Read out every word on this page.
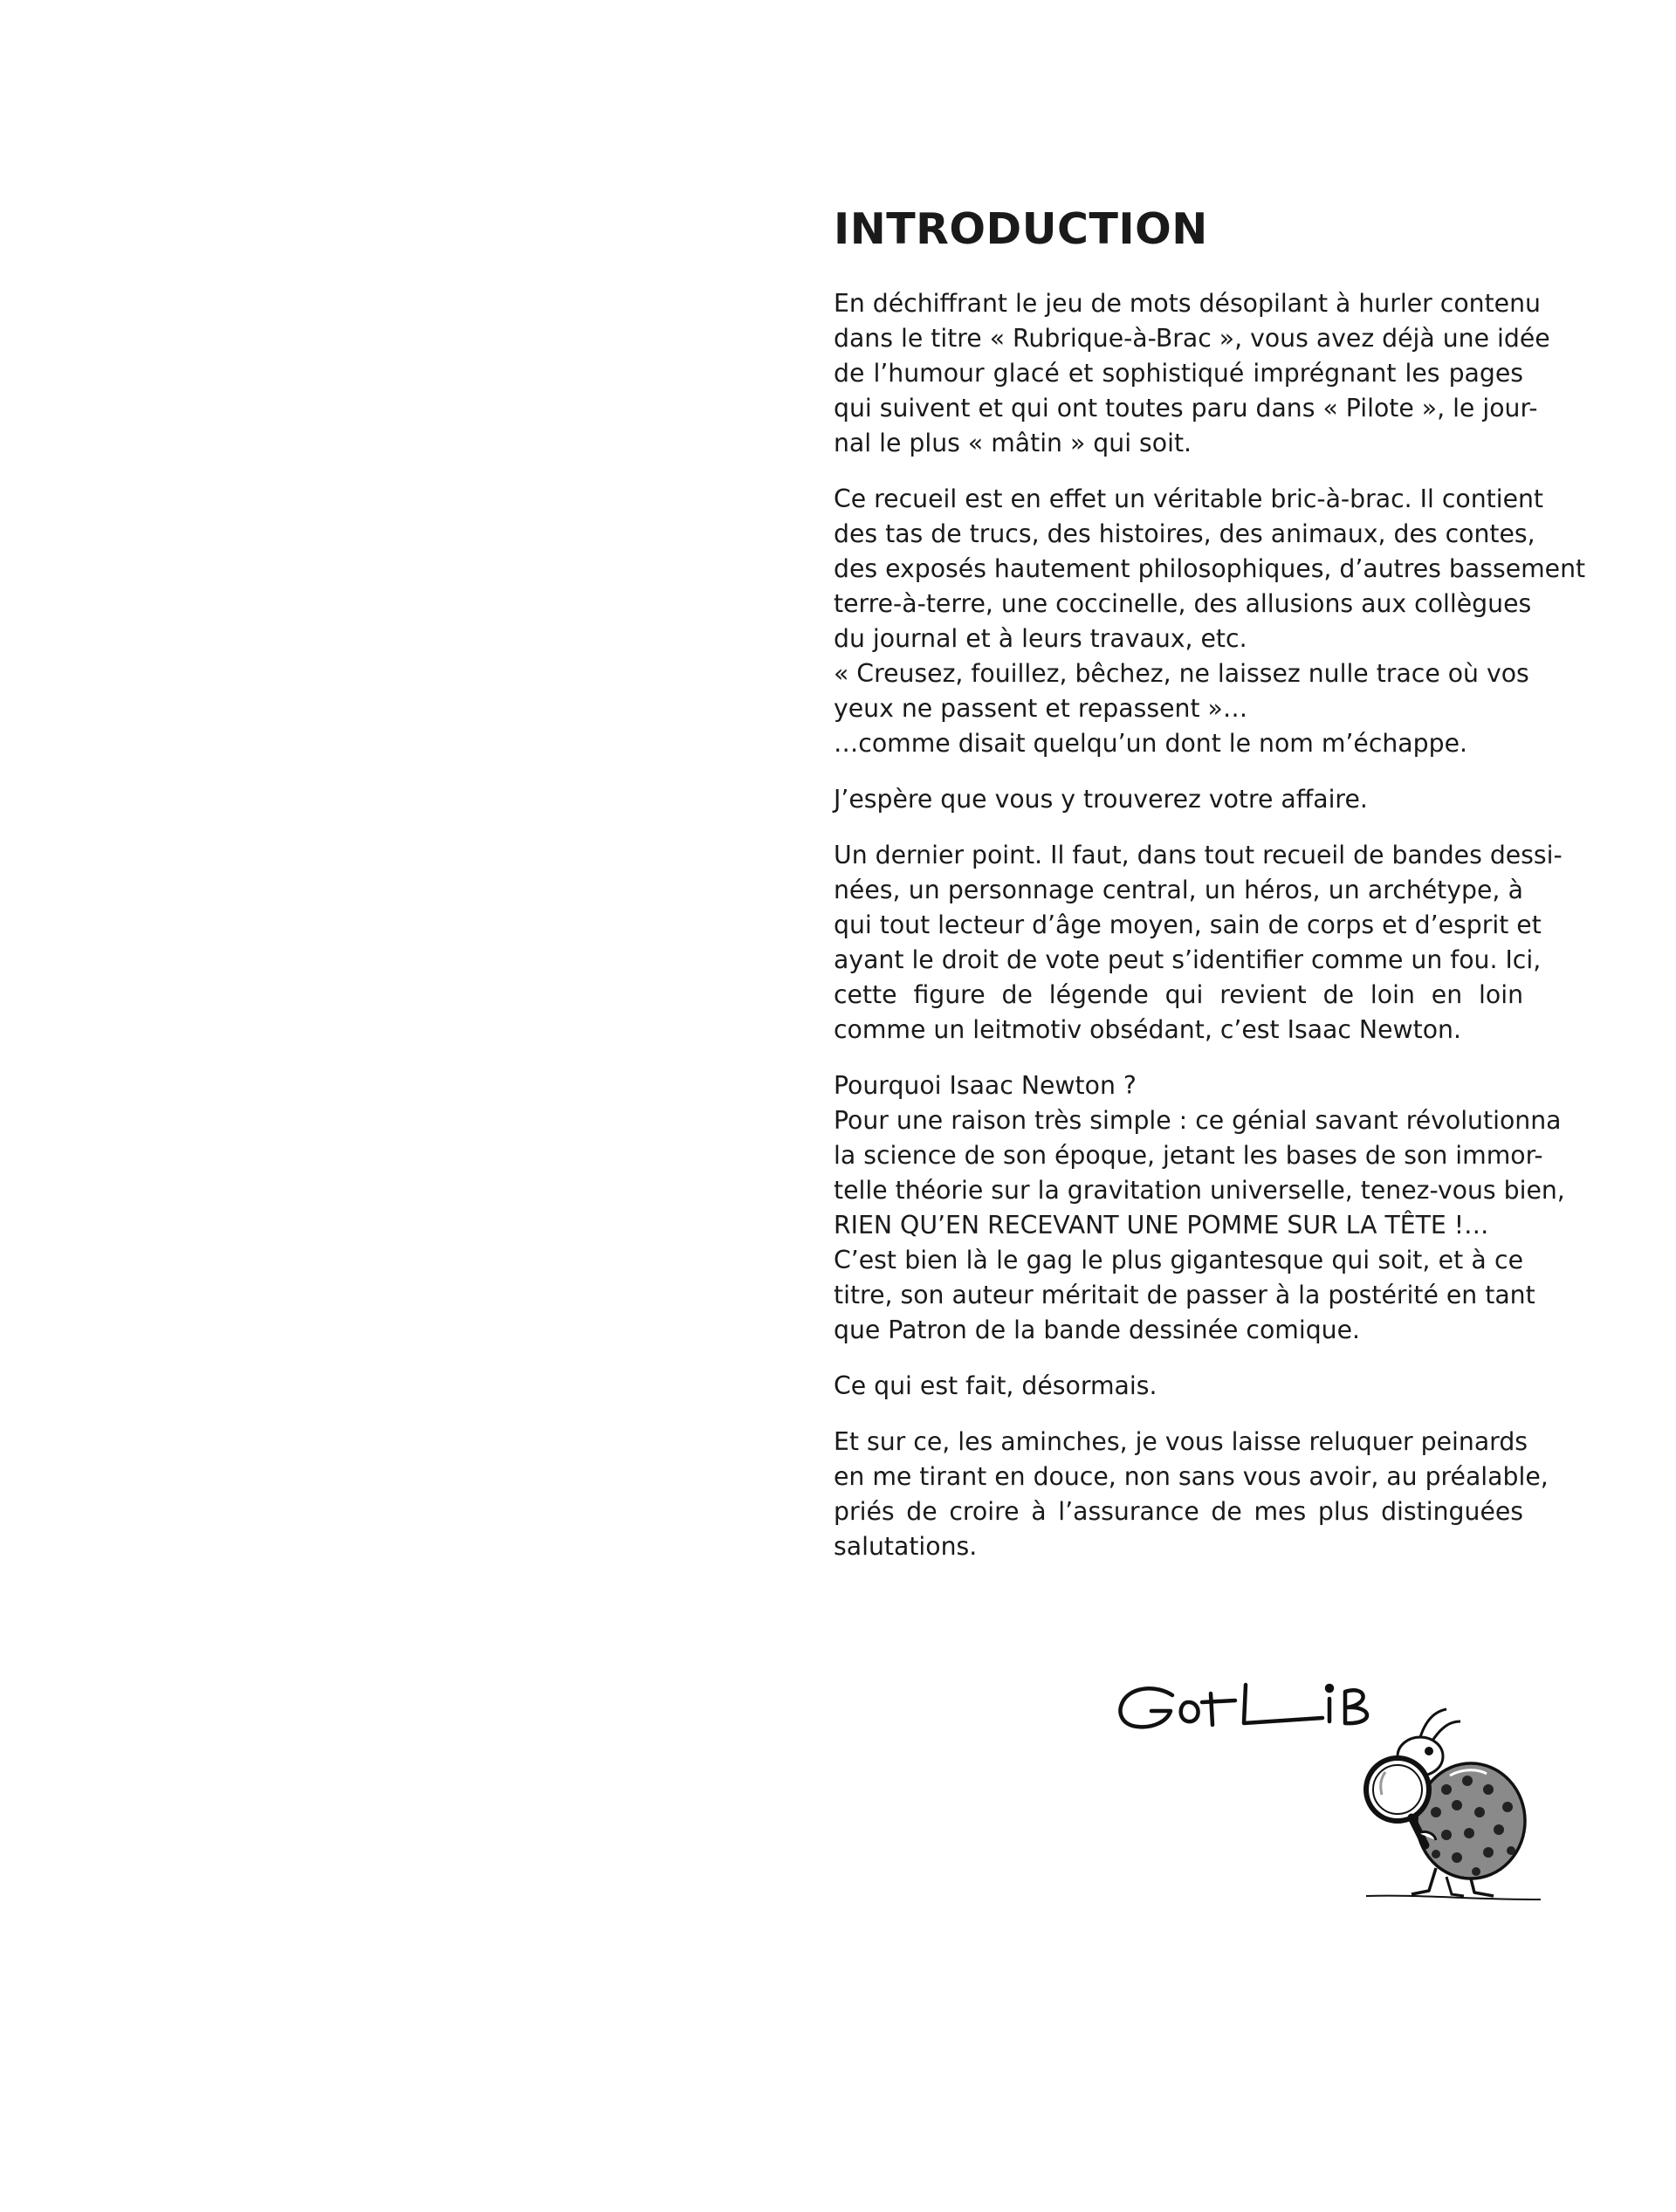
INTRODUCTION

En déchiffrant le jeu de mots désopilant à hurler contenu
dans le titre « Rubrique-à-Brac », vous avez déjà une idée
de l’humour glacé et sophistiqué imprégnant les pages
qui suivent et qui ont toutes paru dans « Pilote », le jour-
nal le plus « mâtin » qui soit.

Ce recueil est en effet un véritable bric-à-brac. Il contient
des tas de trucs, des histoires, des animaux, des contes,
des exposés hautement philosophiques, d’autres bassement
terre-à-terre, une coccinelle, des allusions aux collègues
du journal et à leurs travaux, etc.
« Creusez, fouillez, bêchez, ne laissez nulle trace où vos
yeux ne passent et repassent »…
…comme disait quelqu’un dont le nom m’échappe.

J’espère que vous y trouverez votre affaire.

Un dernier point. Il faut, dans tout recueil de bandes dessi-
nées, un personnage central, un héros, un archétype, à
qui tout lecteur d’âge moyen, sain de corps et d’esprit et
ayant le droit de vote peut s’identifier comme un fou. Ici,
cette figure de légende qui revient de loin en loin
comme un leitmotiv obsédant, c’est Isaac Newton.

Pourquoi Isaac Newton ?
Pour une raison très simple : ce génial savant révolutionna
la science de son époque, jetant les bases de son immor-
telle théorie sur la gravitation universelle, tenez-vous bien,
RIEN QU’EN RECEVANT UNE POMME SUR LA TÊTE !…
C’est bien là le gag le plus gigantesque qui soit, et à ce
titre, son auteur méritait de passer à la postérité en tant
que Patron de la bande dessinée comique.

Ce qui est fait, désormais.

Et sur ce, les aminches, je vous laisse reluquer peinards
en me tirant en douce, non sans vous avoir, au préalable,
priés de croire à l’assurance de mes plus distinguées
salutations.
